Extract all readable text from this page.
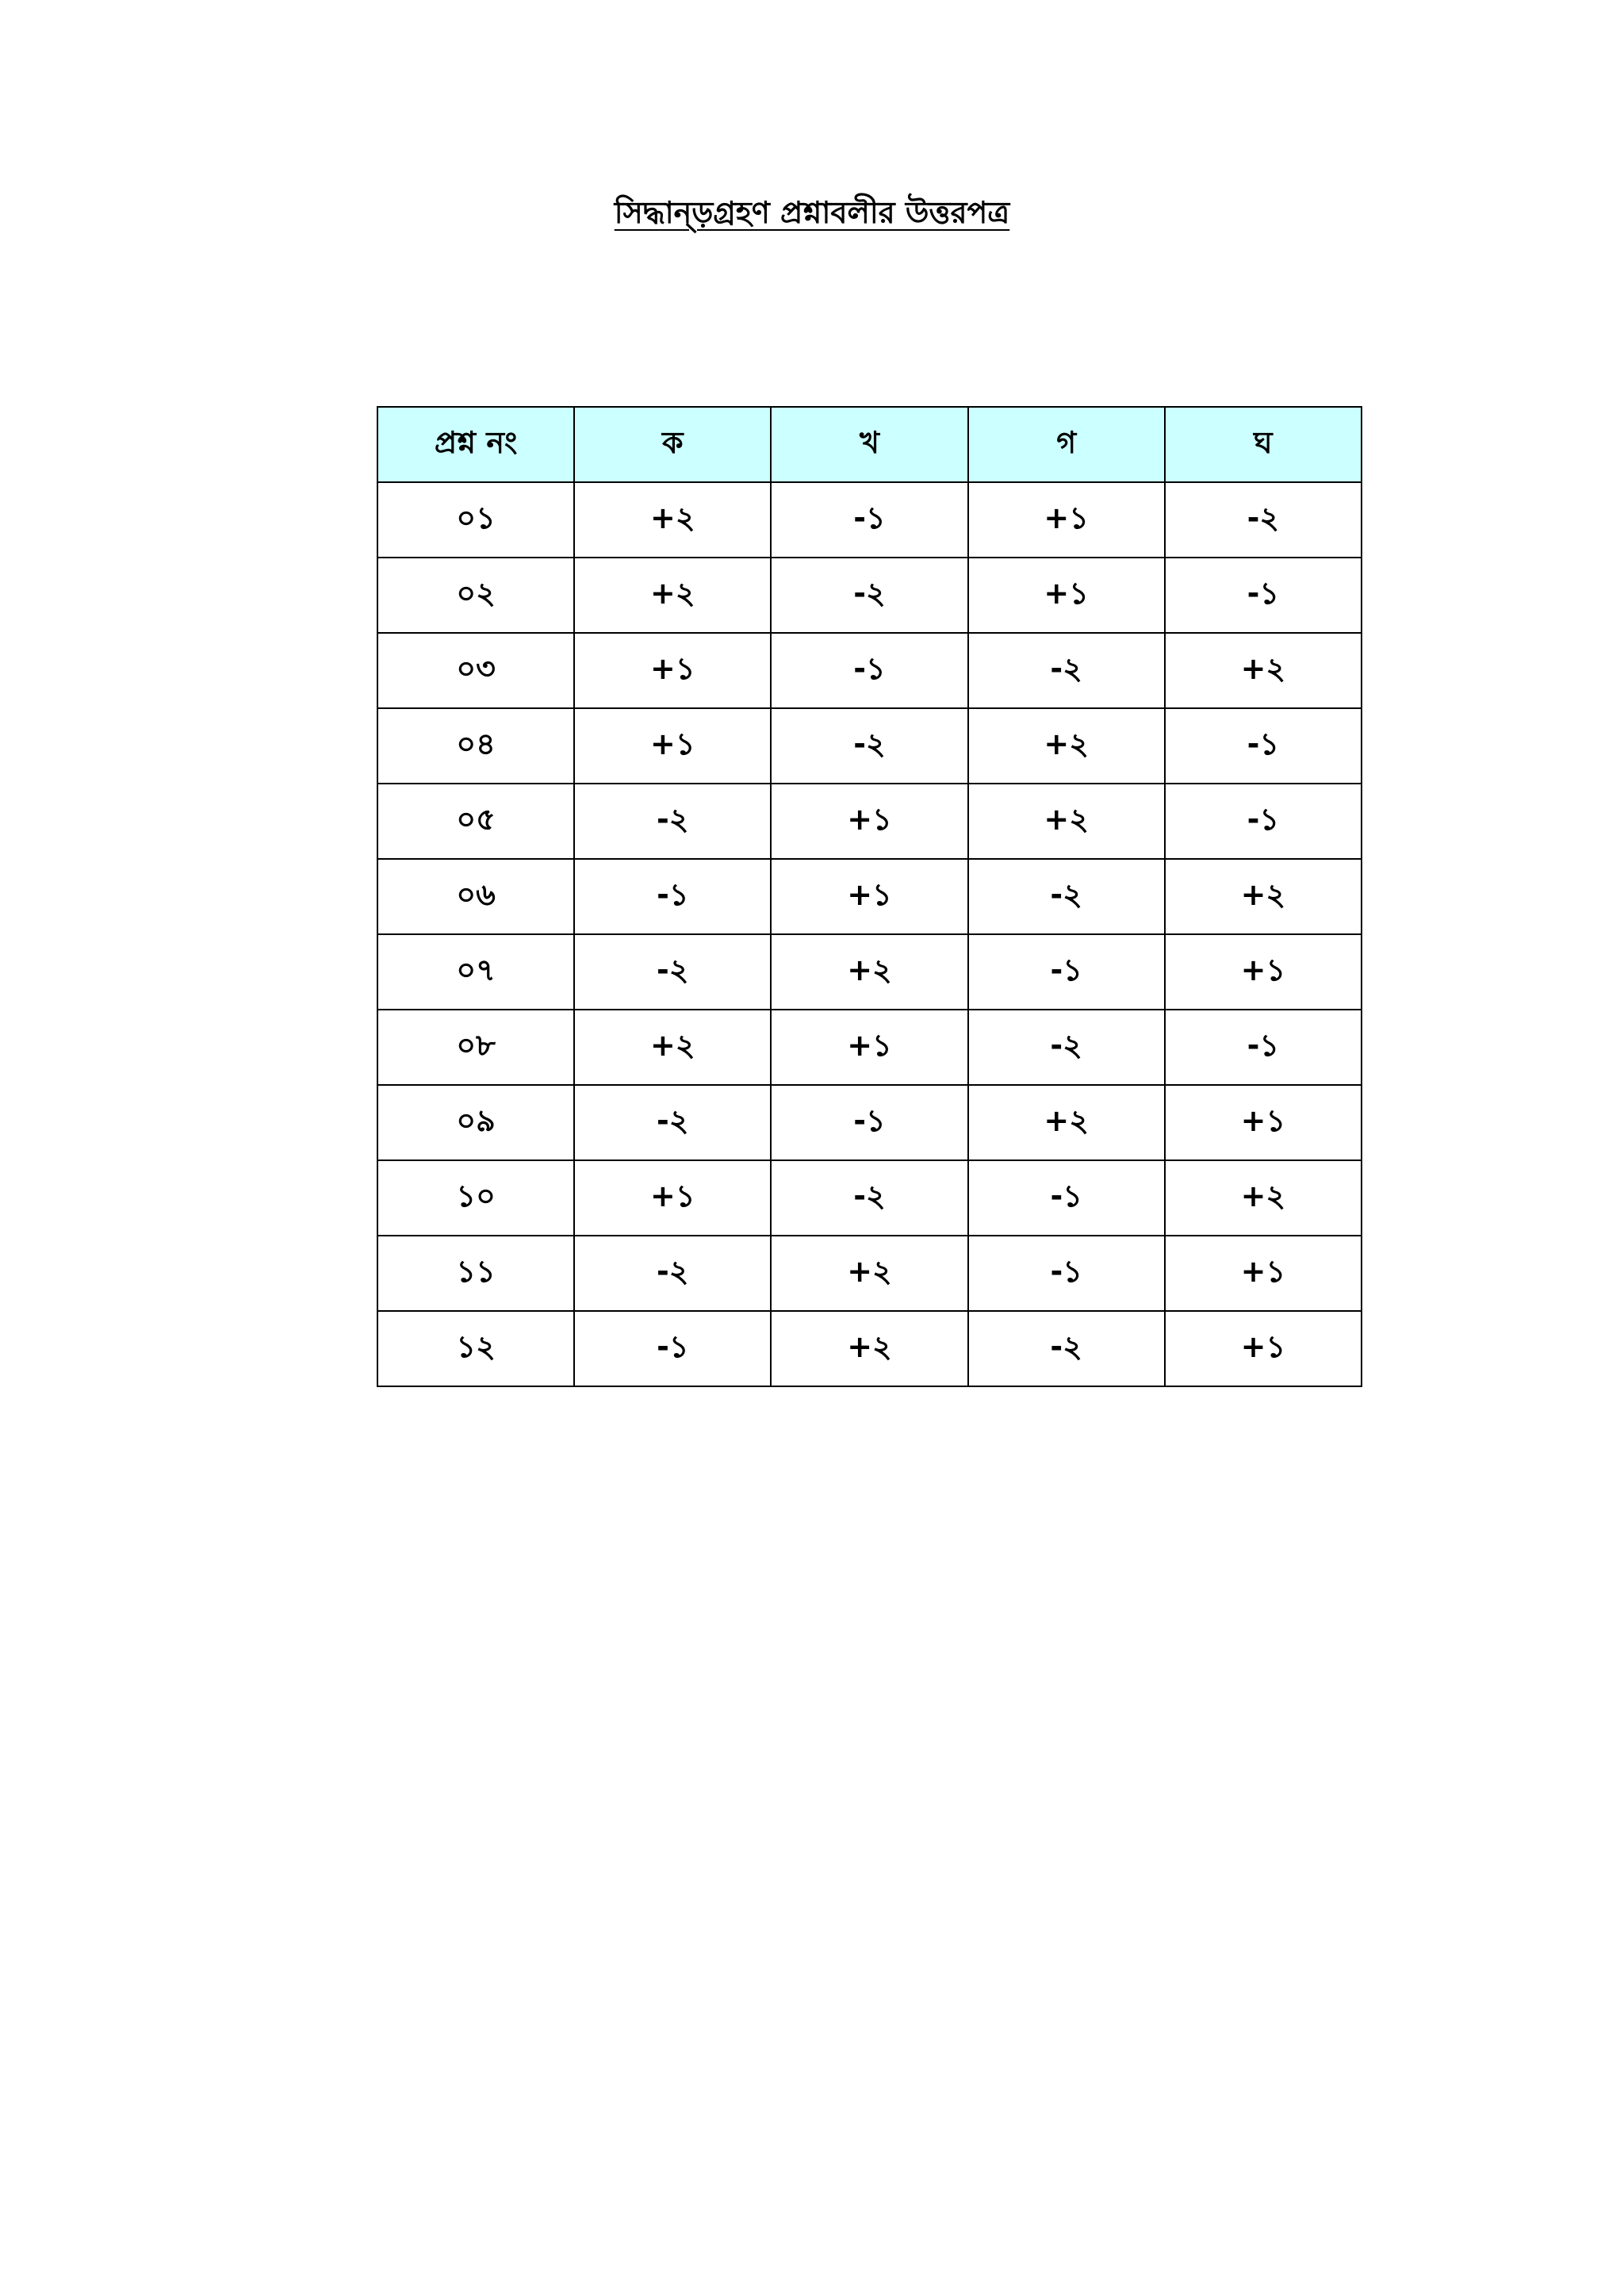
সিদ্ধান্ড়গ্রহণ প্রশ্নাবলীর উত্তরপত্র
প্রশ্ন নং	ক	খ	গ	ঘ
০১	+২	-১	+১	-২
০২	+২	-২	+১	-১
০৩	+১	-১	-২	+২
০৪	+১	-২	+২	-১
০৫	-২	+১	+২	-১
০৬	-১	+১	-২	+২
০৭	-২	+২	-১	+১
০৮	+২	+১	-২	-১
০৯	-২	-১	+২	+১
১০	+১	-২	-১	+২
১১	-২	+২	-১	+১
১২	-১	+২	-২	+১
